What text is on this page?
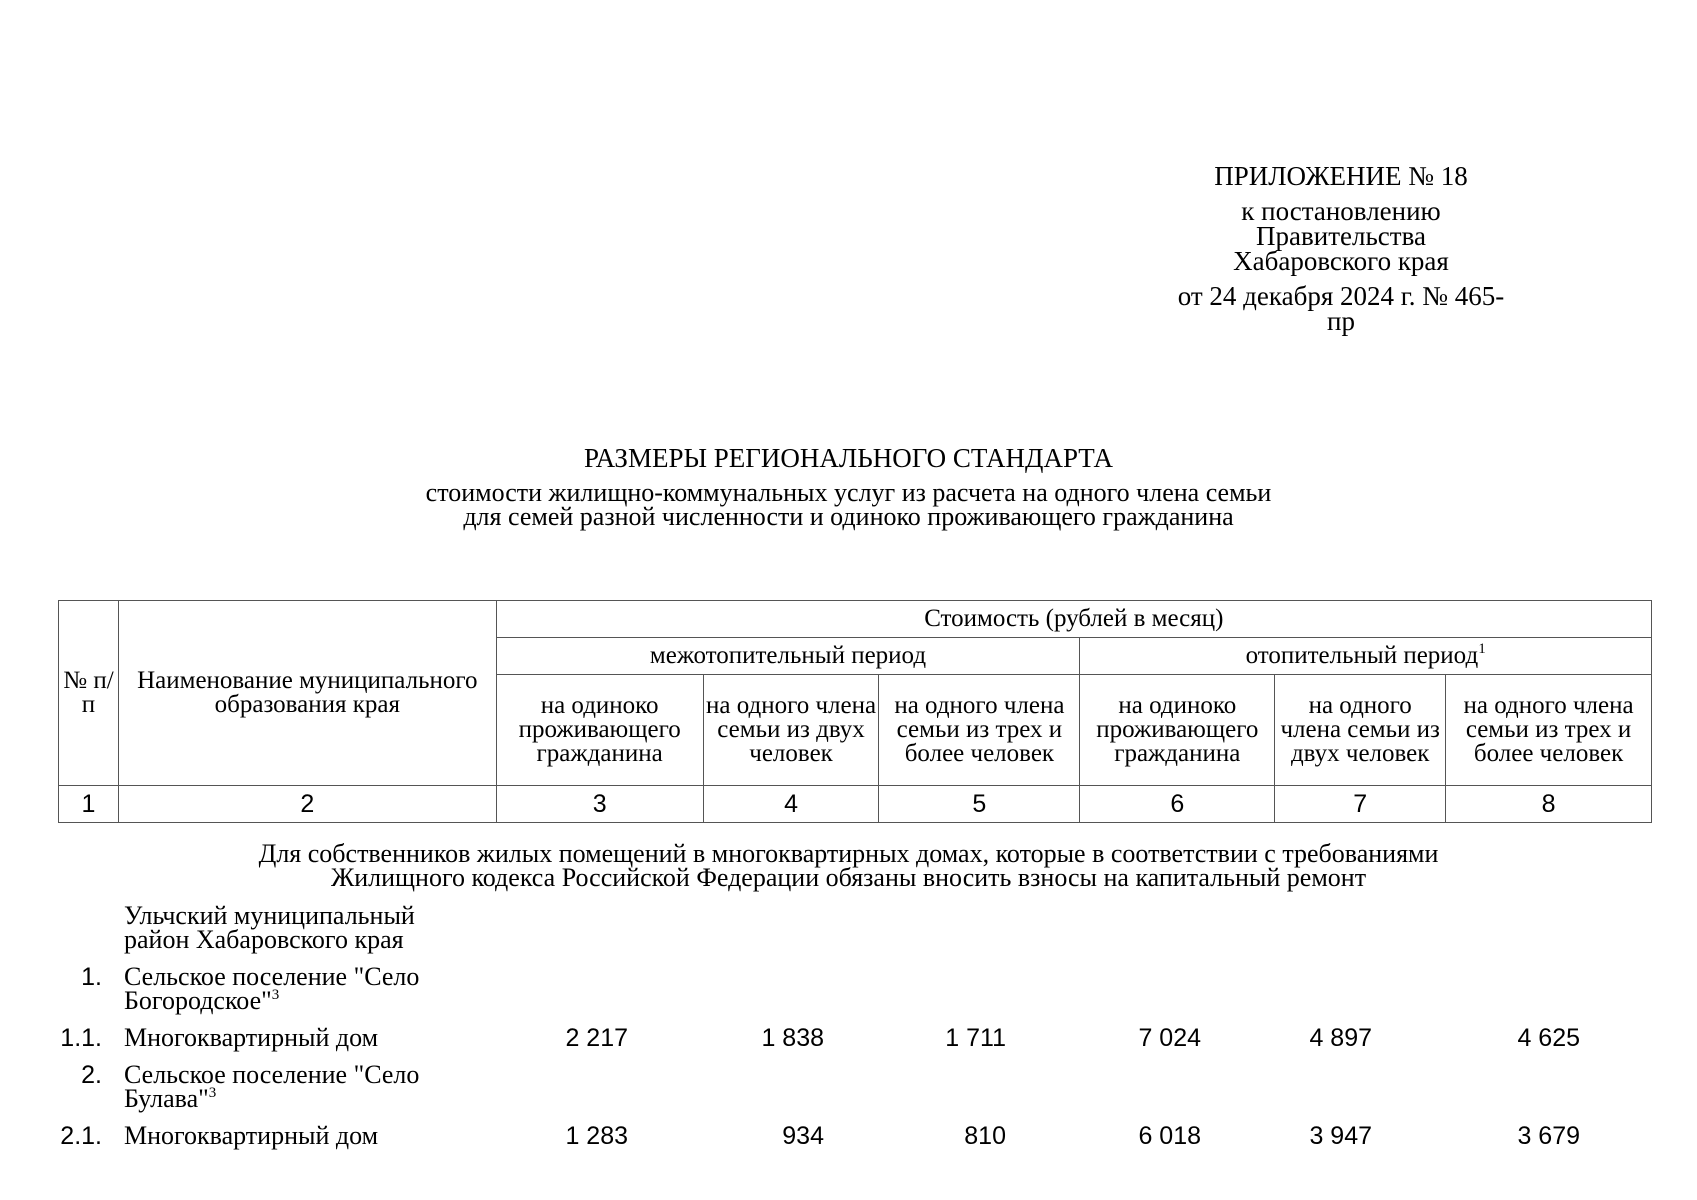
ПРИЛОЖЕНИЕ № 18
к постановлению
Правительства
Хабаровского края
от 24 декабря 2024 г. № 465-пр
РАЗМЕРЫ РЕГИОНАЛЬНОГО СТАНДАРТА
стоимости жилищно-коммунальных услуг из расчета на одного члена семьи
для семей разной численности и одиноко проживающего гражданина
№ п/п	Наименование муниципального образования края	Стоимость (рублей в месяц)					
		межотопительный период			отопительный период$^1$
		на одиноко проживающего гражданина	на одного члена семьи из двух человек	на одного члена семьи из трех и более человек	на одиноко проживающего гражданина	на одного члена семьи из двух человек	на одного члена семьи из трех и более человек
1	2	3	4	5	6	7	8
Для собственников жилых помещений в многоквартирных домах, которые в соответствии с требованиями
Жилищного кодекса Российской Федерации обязаны вносить взносы на капитальный ремонт
Ульчский муниципальный
район Хабаровского края
1. Сельское поселение "Село
Богородское"$^3$
1.1. Многоквартирный дом	2 217	1 838	1 711	7 024	4 897	4 625
2. Сельское поселение "Село
Булава"$^3$
2.1. Многоквартирный дом	1 283	934	810	6 018	3 947	3 679
